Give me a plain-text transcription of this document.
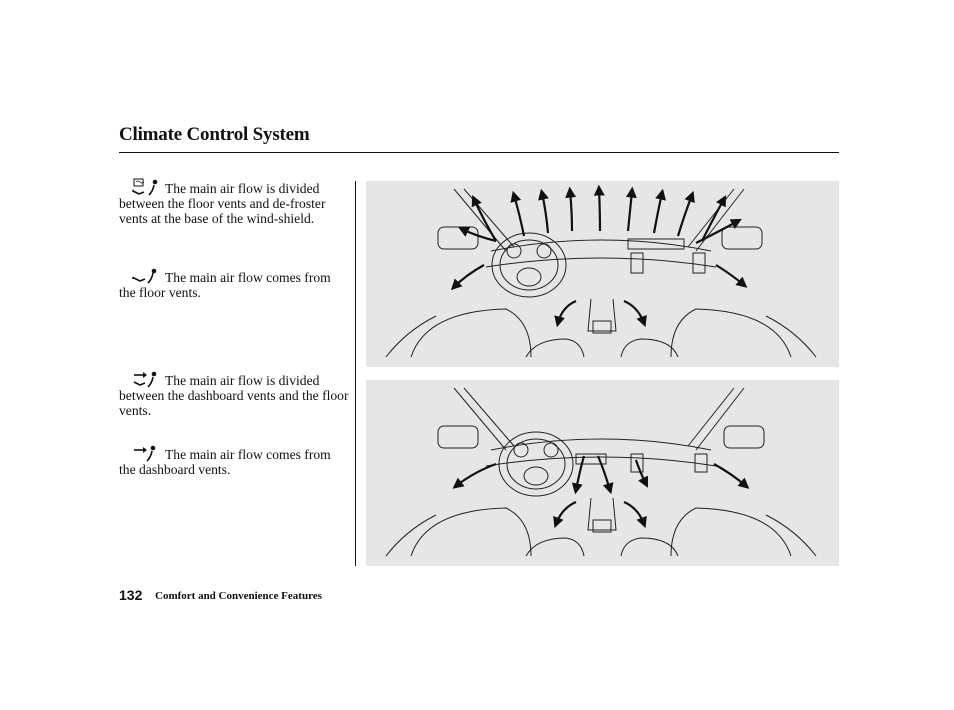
Climate Control System
The main air flow is divided between the floor vents and de-froster vents at the base of the wind-shield.
The main air flow comes from the floor vents.
The main air flow is divided between the dashboard vents and the floor vents.
The main air flow comes from the dashboard vents.
132 Comfort and Convenience Features
